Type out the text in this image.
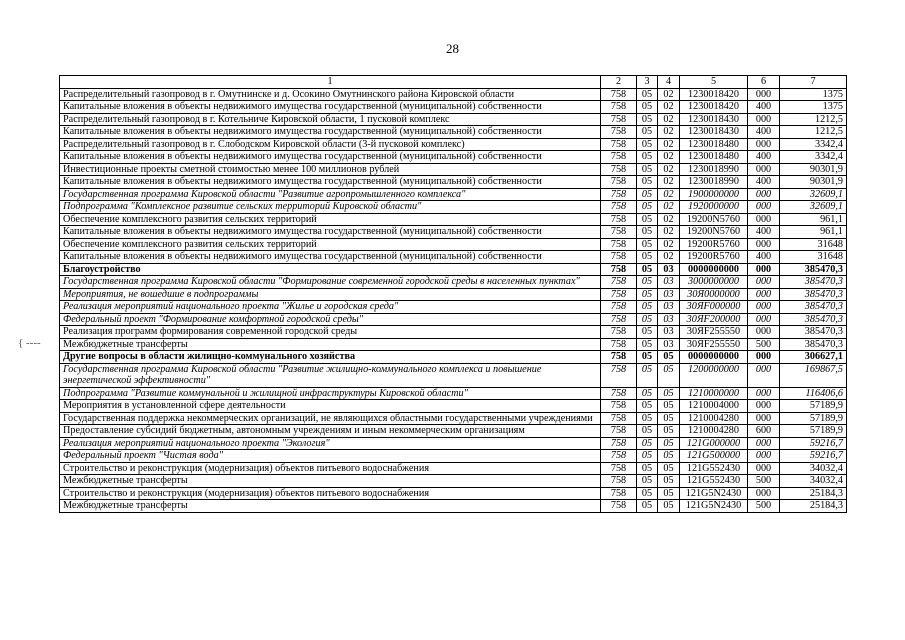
28
{ ----
1	2	3	4	5	6	7
Распределительный газопровод в г. Омутнинске и д. Осокино Омутнинского района Кировской области	758	05	02	1230018420	000	1375
Капитальные вложения в объекты недвижимого имущества государственной (муниципальной) собственности	758	05	02	1230018420	400	1375
Распределительный газопровод в г. Котельниче Кировской области, 1 пусковой комплекс	758	05	02	1230018430	000	1212,5
Капитальные вложения в объекты недвижимого имущества государственной (муниципальной) собственности	758	05	02	1230018430	400	1212,5
Распределительный газопровод в г. Слободском Кировской области (3-й пусковой комплекс)	758	05	02	1230018480	000	3342,4
Капитальные вложения в объекты недвижимого имущества государственной (муниципальной) собственности	758	05	02	1230018480	400	3342,4
Инвестиционные проекты сметной стоимостью менее 100 миллионов рублей	758	05	02	1230018990	000	90301,9
Капитальные вложения в объекты недвижимого имущества государственной (муниципальной) собственности	758	05	02	1230018990	400	90301,9
Государственная программа Кировской области "Развитие агропромышленного комплекса"	758	05	02	1900000000	000	32609,1
Подпрограмма "Комплексное развитие сельских территорий Кировской области"	758	05	02	1920000000	000	32609,1
Обеспечение комплексного развития сельских территорий	758	05	02	19200N5760	000	961,1
Капитальные вложения в объекты недвижимого имущества государственной (муниципальной) собственности	758	05	02	19200N5760	400	961,1
Обеспечение комплексного развития сельских территорий	758	05	02	19200R5760	000	31648
Капитальные вложения в объекты недвижимого имущества государственной (муниципальной) собственности	758	05	02	19200R5760	400	31648
Благоустройство	758	05	03	0000000000	000	385470,3
Государственная программа Кировской области "Формирование современной городской среды в населенных пунктах"	758	05	03	3000000000	000	385470,3
Мероприятия, не вошедшие в подпрограммы	758	05	03	30Я0000000	000	385470,3
Реализация мероприятий национального проекта "Жилье и городская среда"	758	05	03	30ЯF000000	000	385470,3
Федеральный проект "Формирование комфортной городской среды"	758	05	03	30ЯF200000	000	385470,3
Реализация программ формирования современной городской среды	758	05	03	30ЯF255550	000	385470,3
Межбюджетные трансферты	758	05	03	30ЯF255550	500	385470,3
Другие вопросы в области жилищно-коммунального хозяйства	758	05	05	0000000000	000	306627,1
Государственная программа Кировской области "Развитие жилищно-коммунального комплекса и повышение энергетической эффективности"	758	05	05	1200000000	000	169867,5
Подпрограмма "Развитие коммунальной и жилищной инфраструктуры Кировской области"	758	05	05	1210000000	000	116406,6
Мероприятия в установленной сфере деятельности	758	05	05	1210004000	000	57189,9
Государственная поддержка некоммерческих организаций, не являющихся областными государственными учреждениями	758	05	05	1210004280	000	57189,9
Предоставление субсидий бюджетным, автономным учреждениям и иным некоммерческим организациям	758	05	05	1210004280	600	57189,9
Реализация мероприятий национального проекта "Экология"	758	05	05	121G000000	000	59216,7
Федеральный проект "Чистая вода"	758	05	05	121G500000	000	59216,7
Строительство и реконструкция (модернизация) объектов питьевого водоснабжения	758	05	05	121G552430	000	34032,4
Межбюджетные трансферты	758	05	05	121G552430	500	34032,4
Строительство и реконструкция (модернизация) объектов питьевого водоснабжения	758	05	05	121G5N2430	000	25184,3
Межбюджетные трансферты	758	05	05	121G5N2430	500	25184,3
